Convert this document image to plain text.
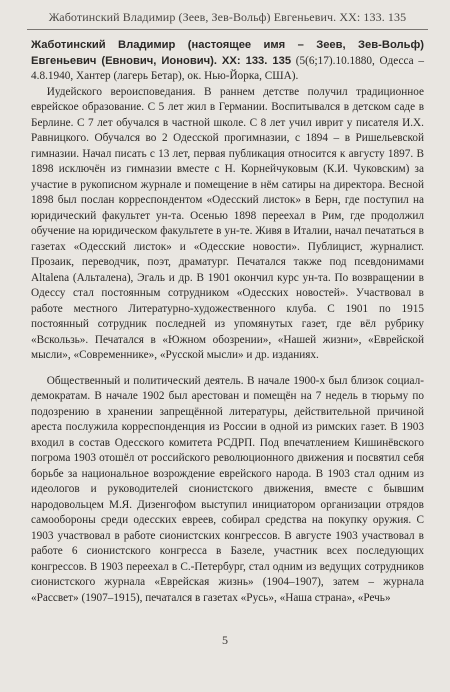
Жаботинский Владимир (Зеев, Зев-Вольф) Евгеньевич. XX: 133. 135

Жаботинский Владимир (настоящее имя – Зеев, Зев-Вольф) Евгеньевич (Евнович, Ионович). XX: 133. 135 (5(6;17).10.1880, Одесса – 4.8.1940, Хантер (лагерь Бетар), ок. Нью-Йорка, США).

Иудейского вероисповедания. В раннем детстве получил традиционное еврейское образование. С 5 лет жил в Германии. Воспитывался в детском саде в Берлине. С 7 лет обучался в частной школе. С 8 лет учил иврит у писателя И.Х. Равницкого. Обучался во 2 Одесской прогимназии, с 1894 – в Ришельевской гимназии. Начал писать с 13 лет, первая публикация относится к августу 1897. В 1898 исключён из гимназии вместе с Н. Корнейчуковым (К.И. Чуковским) за участие в рукописном журнале и помещение в нём сатиры на директора. Весной 1898 был послан корреспондентом «Одесский листок» в Берн, где поступил на юридический факультет ун-та. Осенью 1898 переехал в Рим, где продолжил обучение на юридическом факультете в ун-те. Живя в Италии, начал печататься в газетах «Одесский листок» и «Одесские новости». Публицист, журналист. Прозаик, переводчик, поэт, драматург. Печатался также под псевдонимами Altalena (Альталена), Эгаль и др. В 1901 окончил курс ун-та. По возвращении в Одессу стал постоянным сотрудником «Одесских новостей». Участвовал в работе местного Литературно-художественного клуба. С 1901 по 1915 постоянный сотрудник последней из упомянутых газет, где вёл рубрику «Вскользь». Печатался в «Южном обозрении», «Нашей жизни», «Еврейской мысли», «Современнике», «Русской мысли» и др. изданиях.

Общественный и политический деятель. В начале 1900-х был близок социал-демократам. В начале 1902 был арестован и помещён на 7 недель в тюрьму по подозрению в хранении запрещённой литературы, действительной причиной ареста послужила корреспонденция из России в одной из римских газет. В 1903 входил в состав Одесского комитета РСДРП. Под впечатлением Кишинёвского погрома 1903 отошёл от российского революционного движения и посвятил себя борьбе за национальное возрождение еврейского народа. В 1903 стал одним из идеологов и руководителей сионистского движения, вместе с бывшим народовольцем М.Я. Дизенгофом выступил инициатором организации отрядов самообороны среди одесских евреев, собирал средства на покупку оружия. С 1903 участвовал в работе сионистских конгрессов. В августе 1903 участвовал в работе 6 сионистского конгресса в Базеле, участник всех последующих конгрессов. В 1903 переехал в С.-Петербург, стал одним из ведущих сотрудников сионистского журнала «Еврейская жизнь» (1904–1907), затем – журнала «Рассвет» (1907–1915), печатался в газетах «Русь», «Наша страна», «Речь»

5
